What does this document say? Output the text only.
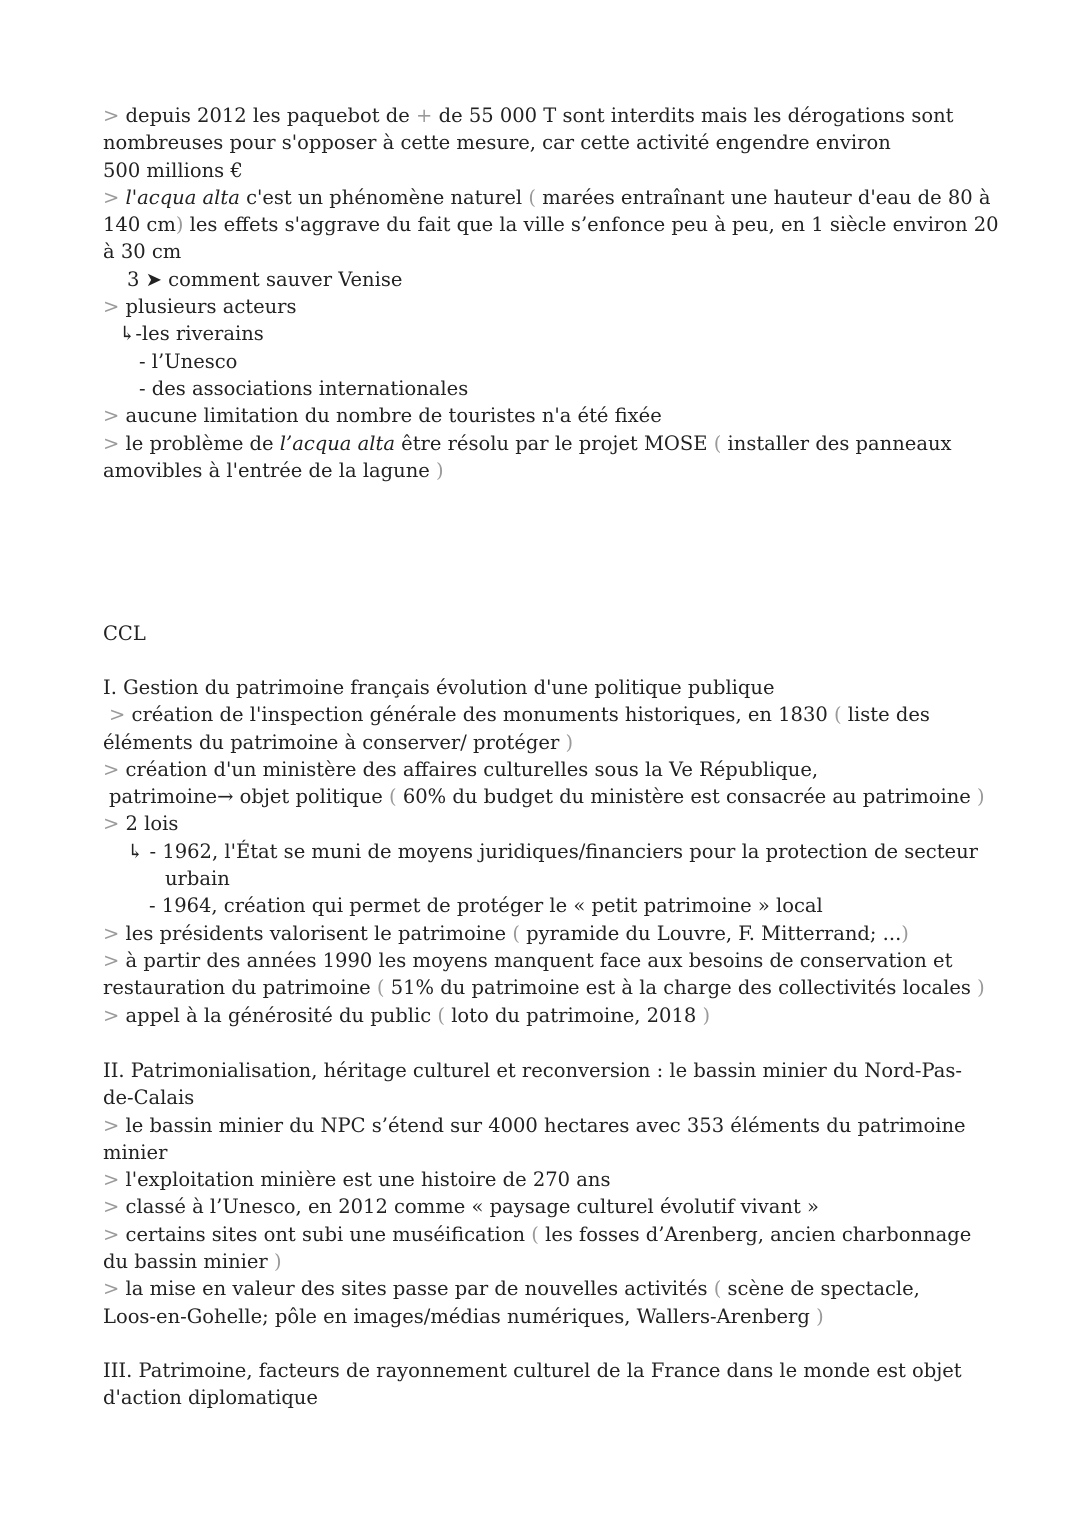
> depuis 2012 les paquebot de + de 55 000 T sont interdits mais les dérogations sont
nombreuses pour s'opposer à cette mesure, car cette activité engendre environ
500 millions €
> l'acqua alta c'est un phénomène naturel ( marées entraînant une hauteur d'eau de 80 à
140 cm) les effets s'aggrave du fait que la ville s’enfonce peu à peu, en 1 siècle environ 20
à 30 cm
3 ➤ comment sauver Venise
> plusieurs acteurs
↳-les riverains
- l’Unesco
- des associations internationales
> aucune limitation du nombre de touristes n'a été fixée
> le problème de l’acqua alta être résolu par le projet MOSE ( installer des panneaux
amovibles à l'entrée de la lagune )
CCL
I. Gestion du patrimoine français évolution d'une politique publique
> création de l'inspection générale des monuments historiques, en 1830 ( liste des
éléments du patrimoine à conserver/ protéger )
> création d'un ministère des affaires culturelles sous la Ve République,
patrimoine→ objet politique ( 60% du budget du ministère est consacrée au patrimoine )
> 2 lois
↳ - 1962, l'État se muni de moyens juridiques/financiers pour la protection de secteur
urbain
- 1964, création qui permet de protéger le « petit patrimoine » local
> les présidents valorisent le patrimoine ( pyramide du Louvre, F. Mitterrand; ...)
> à partir des années 1990 les moyens manquent face aux besoins de conservation et
restauration du patrimoine ( 51% du patrimoine est à la charge des collectivités locales )
> appel à la générosité du public ( loto du patrimoine, 2018 )
II. Patrimonialisation, héritage culturel et reconversion : le bassin minier du Nord-Pas-
de-Calais
> le bassin minier du NPC s’étend sur 4000 hectares avec 353 éléments du patrimoine
minier
> l'exploitation minière est une histoire de 270 ans
> classé à l’Unesco, en 2012 comme « paysage culturel évolutif vivant »
> certains sites ont subi une muséification ( les fosses d’Arenberg, ancien charbonnage
du bassin minier )
> la mise en valeur des sites passe par de nouvelles activités ( scène de spectacle,
Loos-en-Gohelle; pôle en images/médias numériques, Wallers-Arenberg )
III. Patrimoine, facteurs de rayonnement culturel de la France dans le monde est objet
d'action diplomatique
